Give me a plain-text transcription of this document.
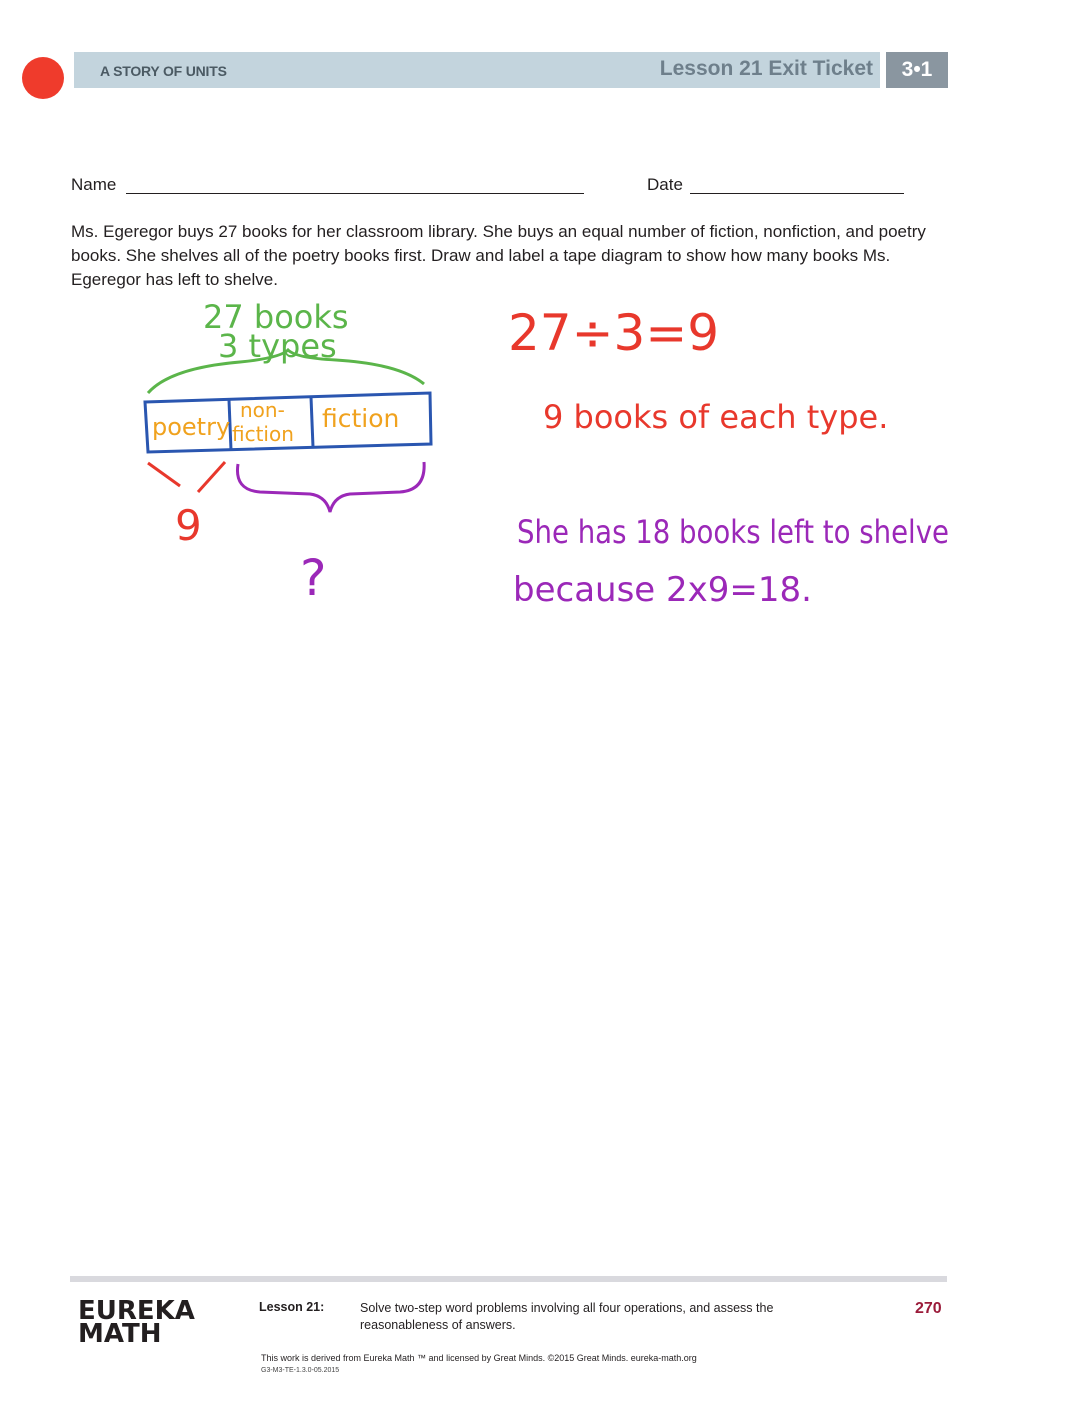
A STORY OF UNITS	Lesson 21 Exit Ticket	3•1
Name	Date
Ms. Egeregor buys 27 books for her classroom library. She buys an equal number of fiction, nonfiction, and poetry books. She shelves all of the poetry books first. Draw and label a tape diagram to show how many books Ms. Egeregor has left to shelve.
27 books
3 types
poetry
non-
fiction
fiction
9
?
27÷3=9
9 books of each type.
She has 18 books left to shelve
because 2x9=18.
EUREKA
MATH
Lesson 21:	Solve two-step word problems involving all four operations, and assess the reasonableness of answers.
270
This work is derived from Eureka Math ™ and licensed by Great Minds. ©2015 Great Minds. eureka-math.org
G3-M3-TE-1.3.0-05.2015
